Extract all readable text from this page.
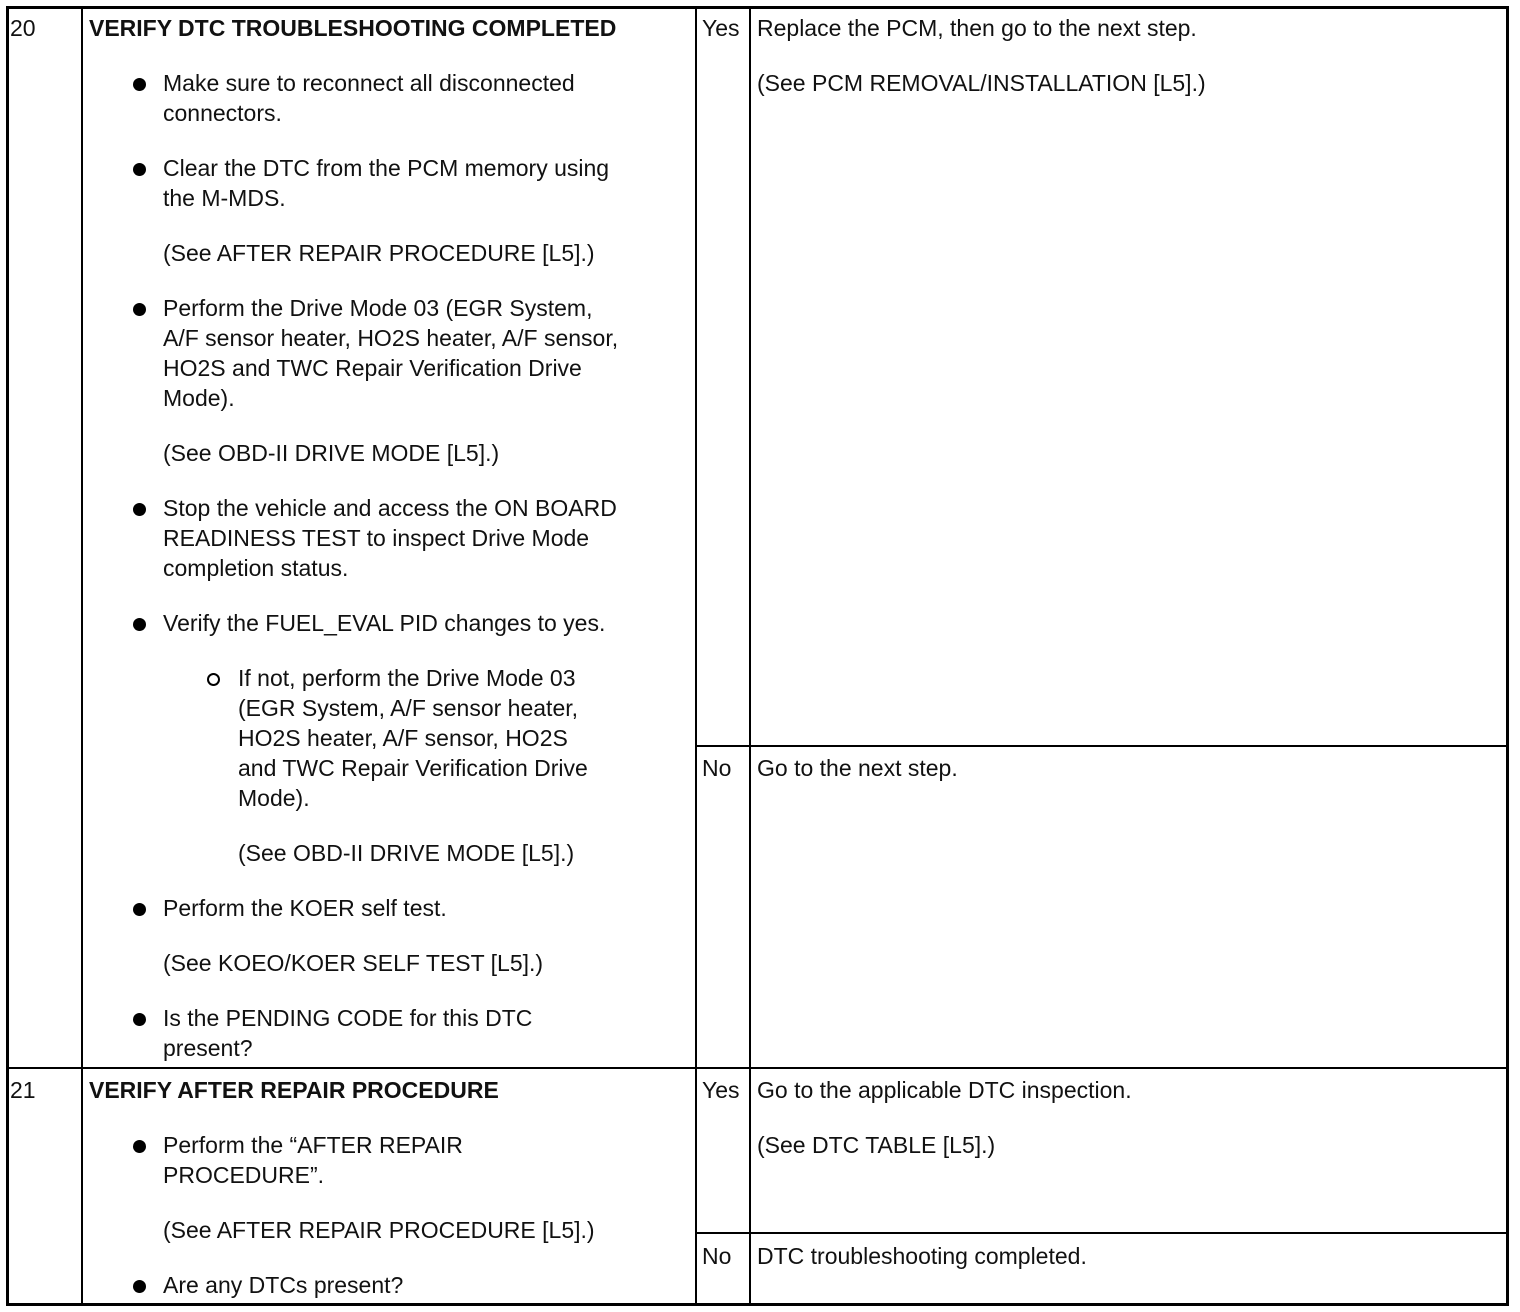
20 VERIFY DTC TROUBLESHOOTING COMPLETED
Make sure to reconnect all disconnected
connectors.
Clear the DTC from the PCM memory using
the M-MDS.
(See AFTER REPAIR PROCEDURE [L5].)
Perform the Drive Mode 03 (EGR System,
A/F sensor heater, HO2S heater, A/F sensor,
HO2S and TWC Repair Verification Drive
Mode).
(See OBD-II DRIVE MODE [L5].)
Stop the vehicle and access the ON BOARD
READINESS TEST to inspect Drive Mode
completion status.
Verify the FUEL_EVAL PID changes to yes.
If not, perform the Drive Mode 03
(EGR System, A/F sensor heater,
HO2S heater, A/F sensor, HO2S
and TWC Repair Verification Drive
Mode).
(See OBD-II DRIVE MODE [L5].)
Perform the KOER self test.
(See KOEO/KOER SELF TEST [L5].)
Is the PENDING CODE for this DTC
present?
Yes Replace the PCM, then go to the next step.
(See PCM REMOVAL/INSTALLATION [L5].)
No Go to the next step.
21 VERIFY AFTER REPAIR PROCEDURE
Perform the “AFTER REPAIR
PROCEDURE”.
(See AFTER REPAIR PROCEDURE [L5].)
Are any DTCs present?
Yes Go to the applicable DTC inspection.
(See DTC TABLE [L5].)
No DTC troubleshooting completed.
